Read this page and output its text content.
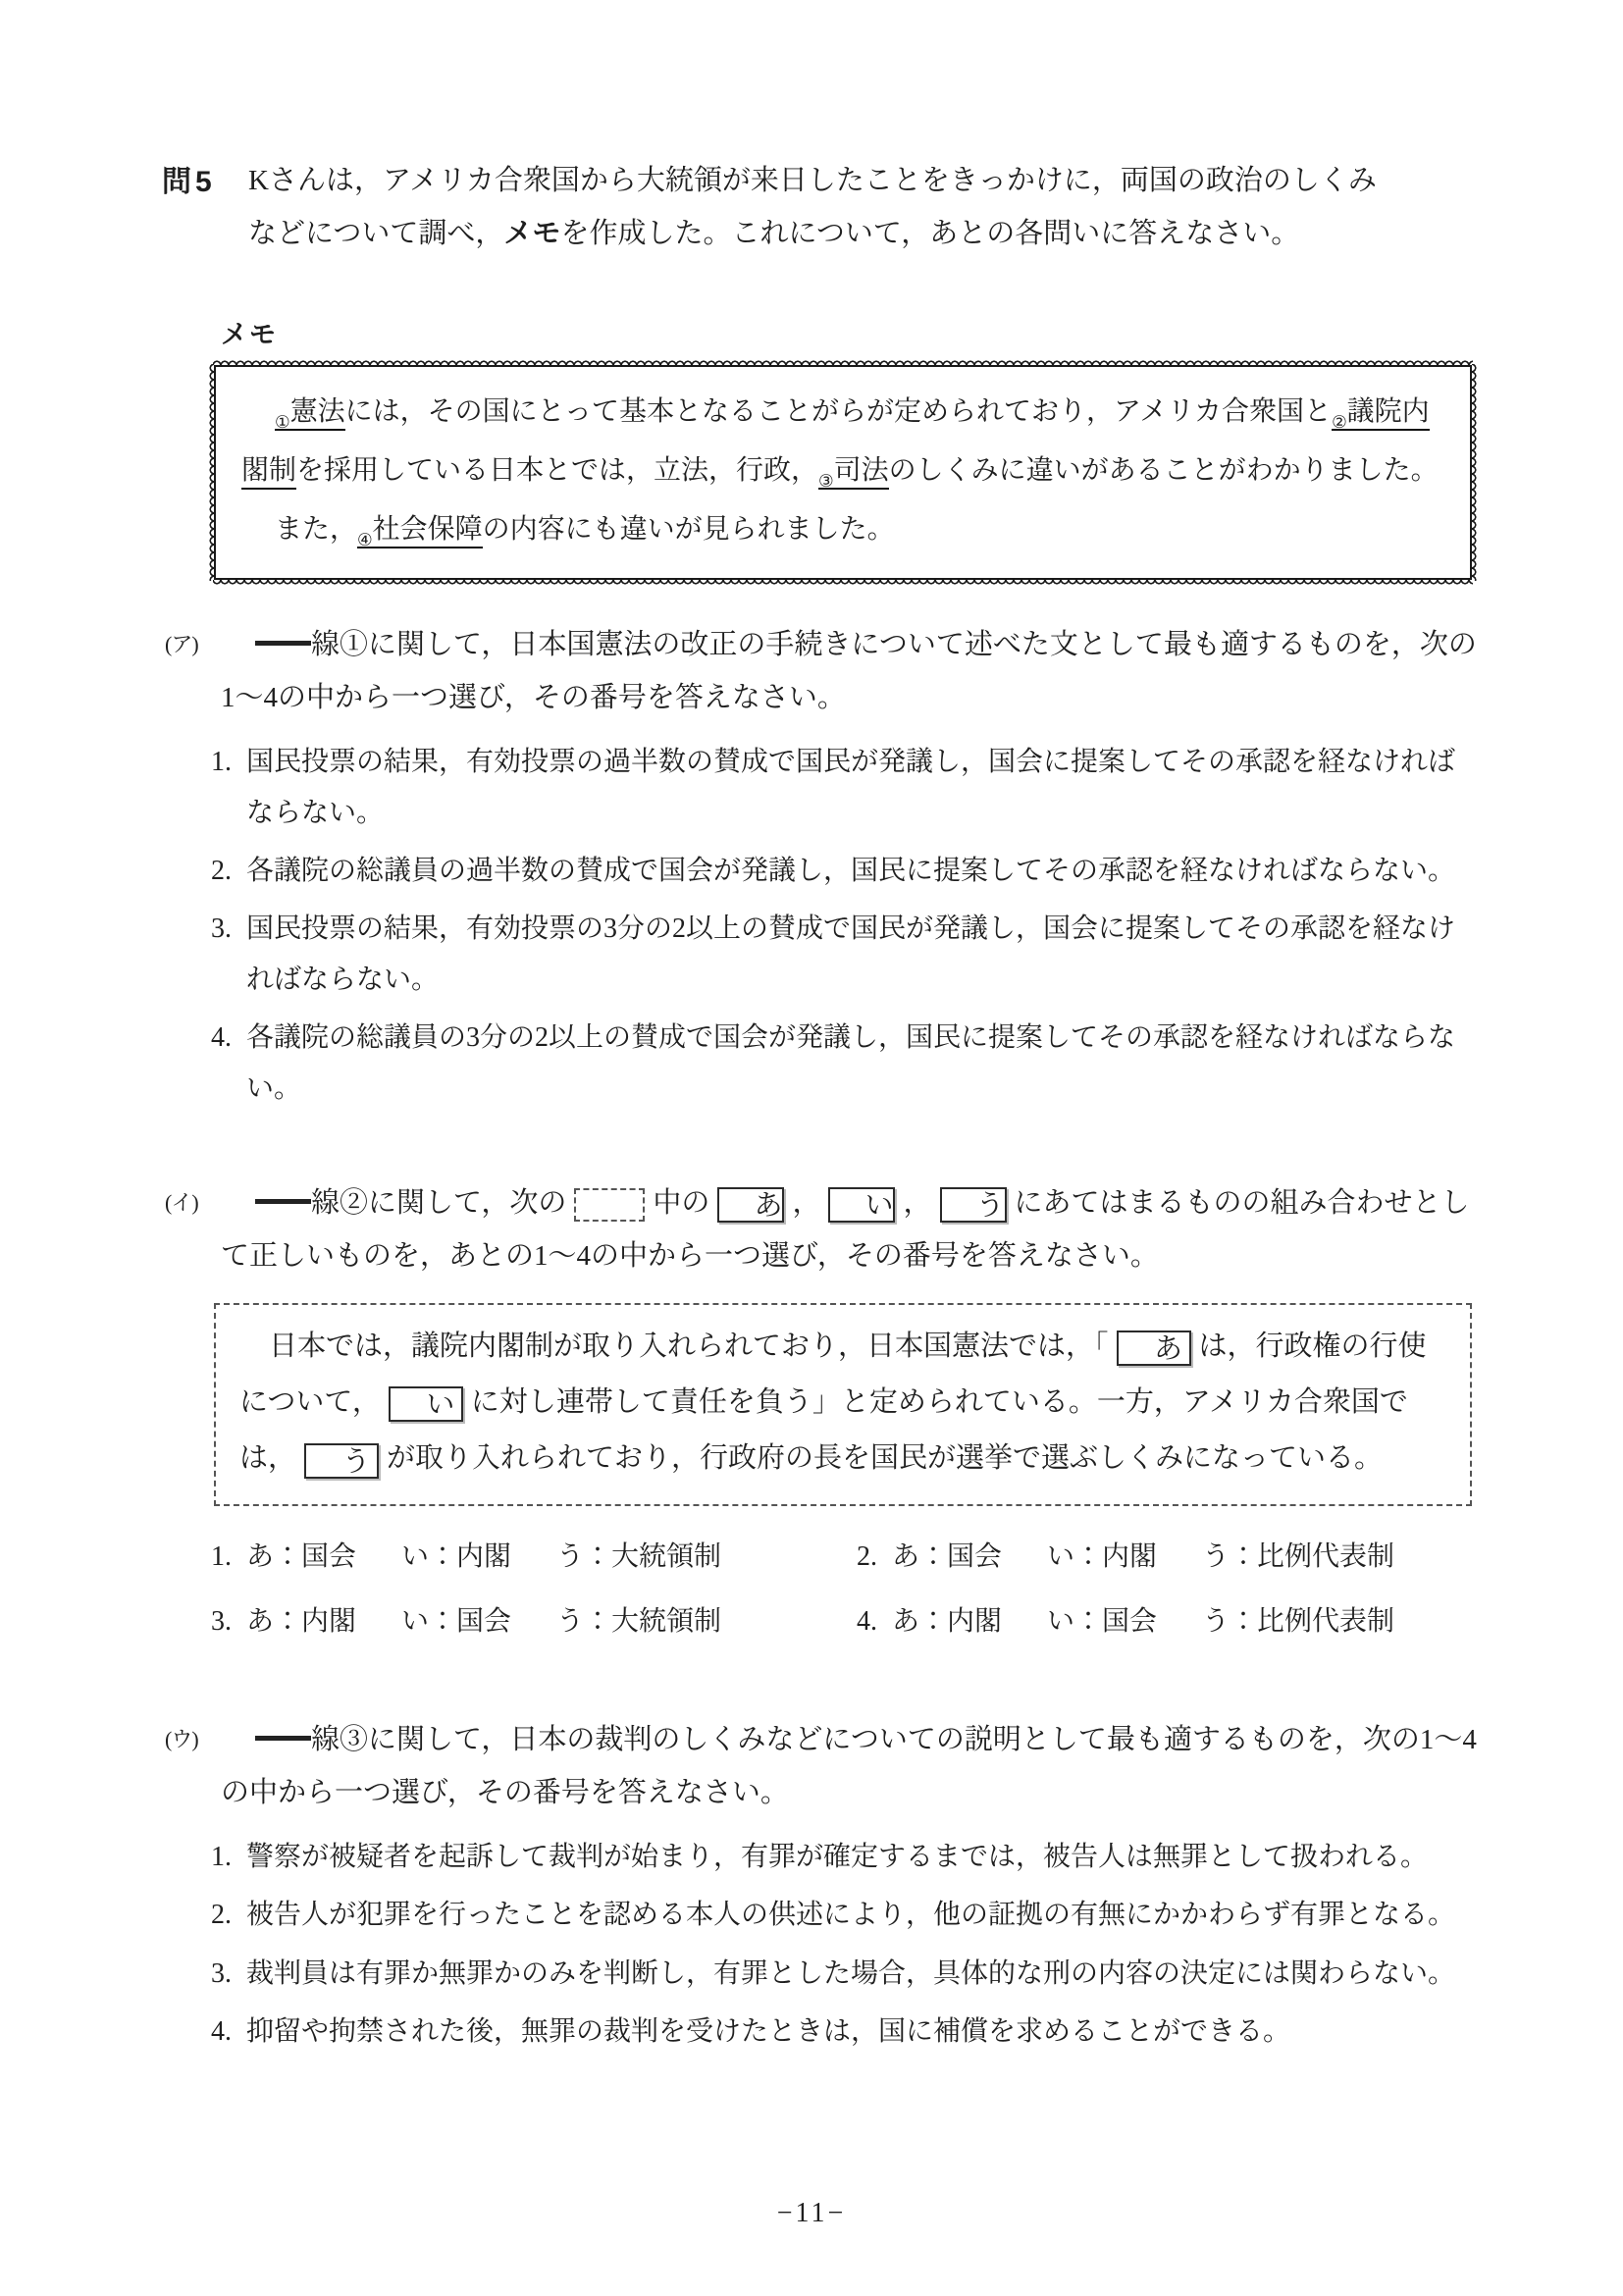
問5	Kさんは，アメリカ合衆国から大統領が来日したことをきっかけに，両国の政治のしくみなどについて調べ，メモを作成した。これについて，あとの各問いに答えなさい。
メモ

$_①$憲法には，その国にとって基本となることがらが定められており，アメリカ合衆国と$_②$議院内閣制を採用している日本とでは，立法，行政，$_③$司法のしくみに違いがあることがわかりました。

また，$_④$社会保障の内容にも違いが見られました。

(ア)	線①に関して，日本国憲法の改正の手続きについて述べた文として最も適するものを，次の1～4の中から一つ選び，その番号を答えなさい。
1. 国民投票の結果，有効投票の過半数の賛成で国民が発議し，国会に提案してその承認を経なければならない。
2. 各議院の総議員の過半数の賛成で国会が発議し，国民に提案してその承認を経なければならない。
3. 国民投票の結果，有効投票の3分の2以上の賛成で国民が発議し，国会に提案してその承認を経なければならない。
4. 各議院の総議員の3分の2以上の賛成で国会が発議し，国民に提案してその承認を経なければならない。
(イ)	線②に関して，次の	中の あ ， い ， う にあてはまるものの組み合わせとして正しいものを，あとの1～4の中から一つ選び，その番号を答えなさい。

日本では，議院内閣制が取り入れられており，日本国憲法では，「 あ は，行政権の行使について， い に対し連帯して責任を負う」と定められている。一方，アメリカ合衆国では， う が取り入れられており，行政府の長を国民が選挙で選ぶしくみになっている。

1. あ：国会 い：内閣 う：大統領制	2. あ：国会 い：内閣 う：比例代表制
3. あ：内閣 い：国会 う：大統領制	4. あ：内閣 い：国会 う：比例代表制
(ウ)	線③に関して，日本の裁判のしくみなどについての説明として最も適するものを，次の1～4の中から一つ選び，その番号を答えなさい。
1. 警察が被疑者を起訴して裁判が始まり，有罪が確定するまでは，被告人は無罪として扱われる。
2. 被告人が犯罪を行ったことを認める本人の供述により，他の証拠の有無にかかわらず有罪となる。
3. 裁判員は有罪か無罪かのみを判断し，有罪とした場合，具体的な刑の内容の決定には関わらない。
4. 抑留や拘禁された後，無罪の裁判を受けたときは，国に補償を求めることができる。
−11−
